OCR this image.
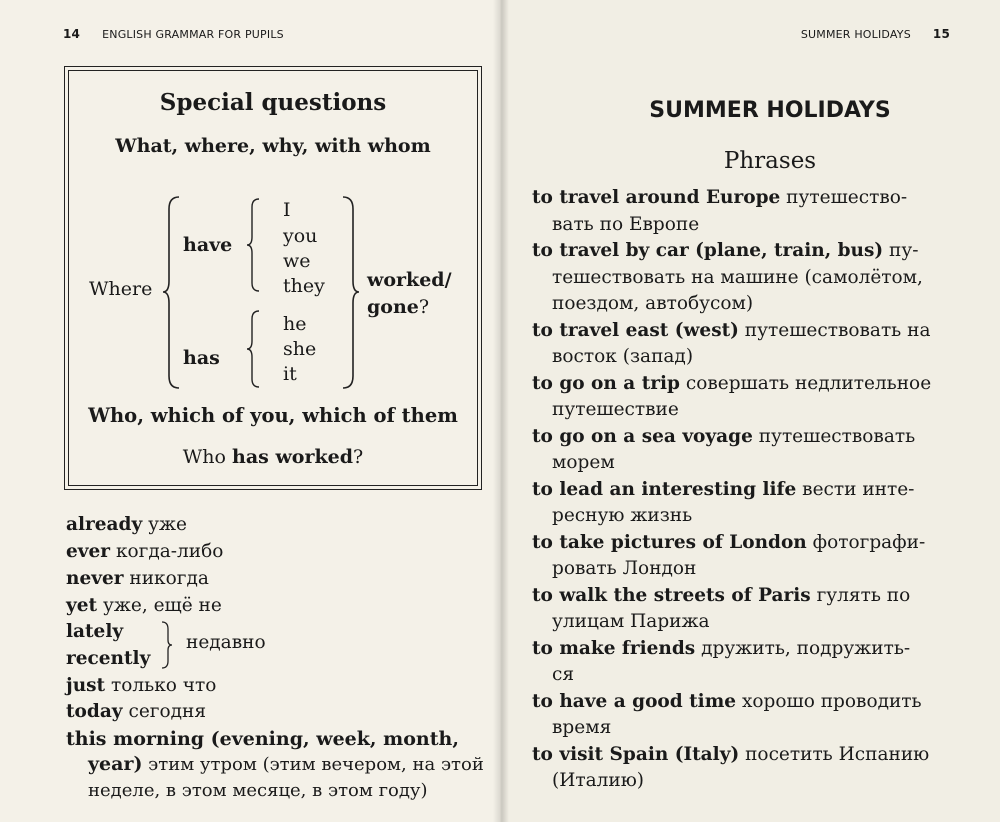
14 ENGLISH GRAMMAR FOR PUPILS
Special questions
What, where, why, with whom
Where
have
has
I
you
we
they
he
she
it
worked/
gone?
Who, which of you, which of them
Who has worked?
already уже
ever когда-либо
never никогда
yet уже, ещё не
lately
recently
недавно
just только что
today сегодня
this morning (evening, week, month,
year) этим утром (этим вечером, на этой
неделе, в этом месяце, в этом году)
SUMMER HOLIDAYS 15
SUMMER HOLIDAYS
Phrases
to travel around Europe путешество-
вать по Европе
to travel by car (plane, train, bus) пу-
тешествовать на машине (самолётом,
поездом, автобусом)
to travel east (west) путешествовать на
восток (запад)
to go on a trip совершать недлительное
путешествие
to go on a sea voyage путешествовать
морем
to lead an interesting life вести инте-
ресную жизнь
to take pictures of London фотографи-
ровать Лондон
to walk the streets of Paris гулять по
улицам Парижа
to make friends дружить, подружить-
ся
to have a good time хорошо проводить
время
to visit Spain (Italy) посетить Испанию
(Италию)
